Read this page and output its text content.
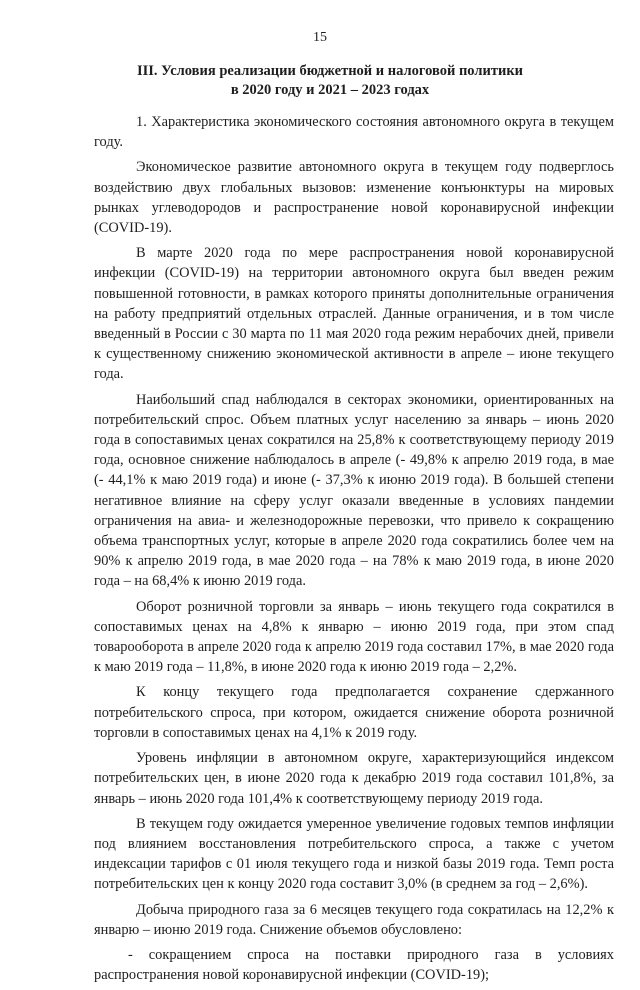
15
III. Условия реализации бюджетной и налоговой политики
в 2020 году и 2021 – 2023 годах

1. Характеристика экономического состояния автономного округа в текущем году.

Экономическое развитие автономного округа в текущем году подверглось воздействию двух глобальных вызовов: изменение конъюнктуры на мировых рынках углеводородов и распространение новой коронавирусной инфекции (COVID-19).

В марте 2020 года по мере распространения новой коронавирусной инфекции (COVID-19) на территории автономного округа был введен режим повышенной готовности, в рамках которого приняты дополнительные ограничения на работу предприятий отдельных отраслей. Данные ограничения, и в том числе введенный в России с 30 марта по 11 мая 2020 года режим нерабочих дней, привели к существенному снижению экономической активности в апреле – июне текущего года.

Наибольший спад наблюдался в секторах экономики, ориентированных на потребительский спрос. Объем платных услуг населению за январь – июнь 2020 года в сопоставимых ценах сократился на 25,8% к соответствующему периоду 2019 года, основное снижение наблюдалось в апреле (- 49,8% к апрелю 2019 года, в мае (- 44,1% к маю 2019 года) и июне (- 37,3% к июню 2019 года). В большей степени негативное влияние на сферу услуг оказали введенные в условиях пандемии ограничения на авиа- и железнодорожные перевозки, что привело к сокращению объема транспортных услуг, которые в апреле 2020 года сократились более чем на 90% к апрелю 2019 года, в мае 2020 года – на 78% к маю 2019 года, в июне 2020 года – на 68,4% к июню 2019 года.

Оборот розничной торговли за январь – июнь текущего года сократился в сопоставимых ценах на 4,8% к январю – июню 2019 года, при этом спад товарооборота в апреле 2020 года к апрелю 2019 года составил 17%, в мае 2020 года к маю 2019 года – 11,8%, в июне 2020 года к июню 2019 года – 2,2%.

К концу текущего года предполагается сохранение сдержанного потребительского спроса, при котором, ожидается снижение оборота розничной торговли в сопоставимых ценах на 4,1% к 2019 году.

Уровень инфляции в автономном округе, характеризующийся индексом потребительских цен, в июне 2020 года к декабрю 2019 года составил 101,8%, за январь – июнь 2020 года 101,4% к соответствующему периоду 2019 года.

В текущем году ожидается умеренное увеличение годовых темпов инфляции под влиянием восстановления потребительского спроса, а также с учетом индексации тарифов с 01 июля текущего года и низкой базы 2019 года. Темп роста потребительских цен к концу 2020 года составит 3,0% (в среднем за год – 2,6%).

Добыча природного газа за 6 месяцев текущего года сократилась на 12,2% к январю – июню 2019 года. Снижение объемов обусловлено:

- сокращением спроса на поставки природного газа в условиях распространения новой коронавирусной инфекции (COVID-19);
